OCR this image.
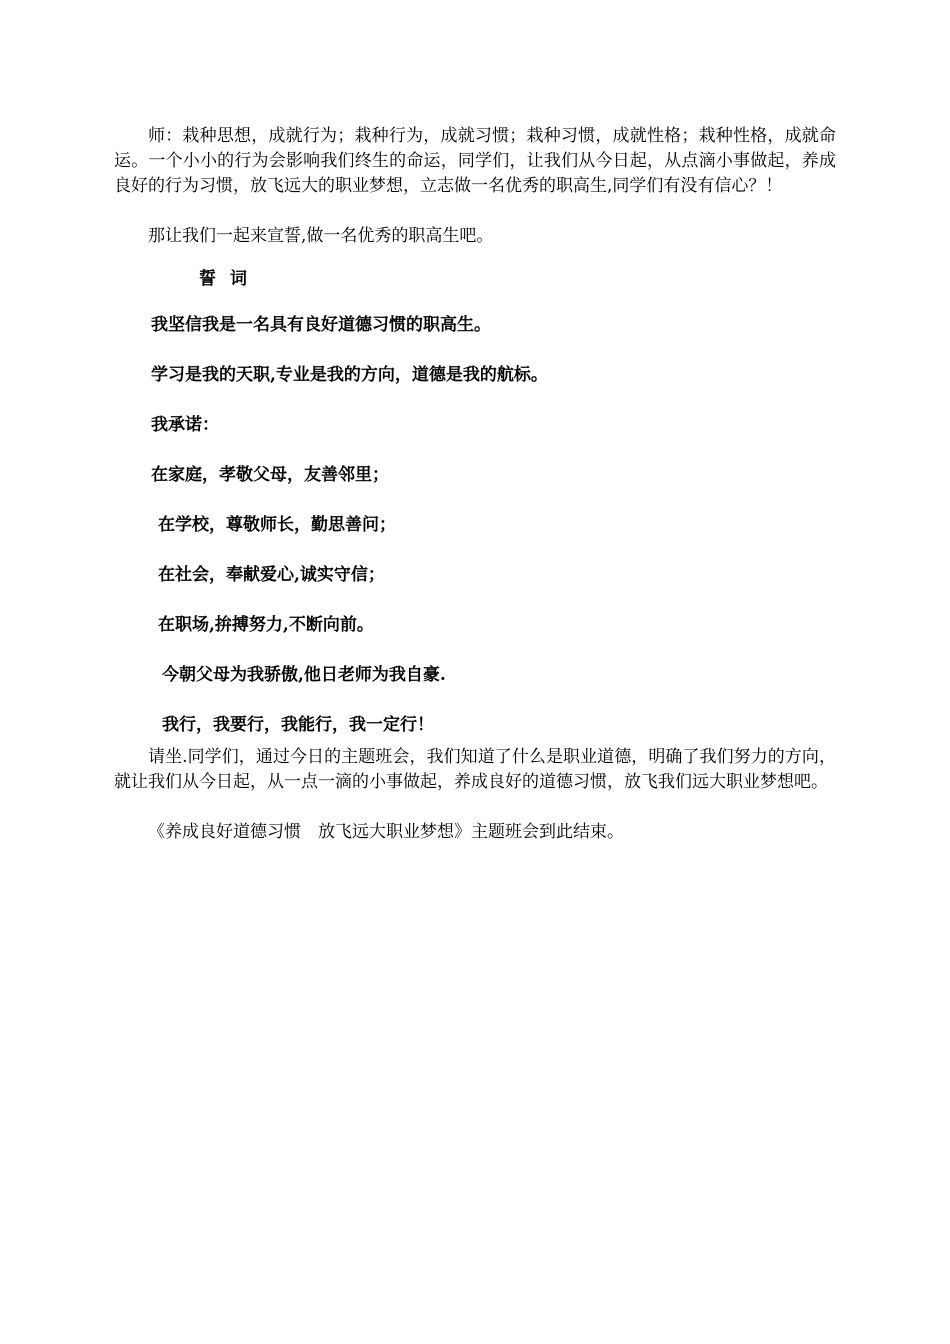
师：栽种思想，成就行为；栽种行为，成就习惯；栽种习惯，成就性格；栽种性格，成就命运。一个小小的行为会影响我们终生的命运，同学们，让我们从今日起，从点滴小事做起，养成良好的行为习惯，放飞远大的职业梦想，立志做一名优秀的职高生,同学们有没有信心？！

那让我们一起来宣誓,做一名优秀的职高生吧。

誓词

我坚信我是一名具有良好道德习惯的职高生。

学习是我的天职,专业是我的方向，道德是我的航标。

我承诺：

在家庭，孝敬父母，友善邻里；

在学校，尊敬师长，勤思善问；

在社会，奉献爱心,诚实守信；

在职场,拚搏努力,不断向前。

今朝父母为我骄傲,他日老师为我自豪.

我行，我要行，我能行，我一定行！

请坐.同学们，通过今日的主题班会，我们知道了什么是职业道德，明确了我们努力的方向，就让我们从今日起，从一点一滴的小事做起，养成良好的道德习惯，放飞我们远大职业梦想吧。

《养成良好道德习惯　放飞远大职业梦想》主题班会到此结束。
